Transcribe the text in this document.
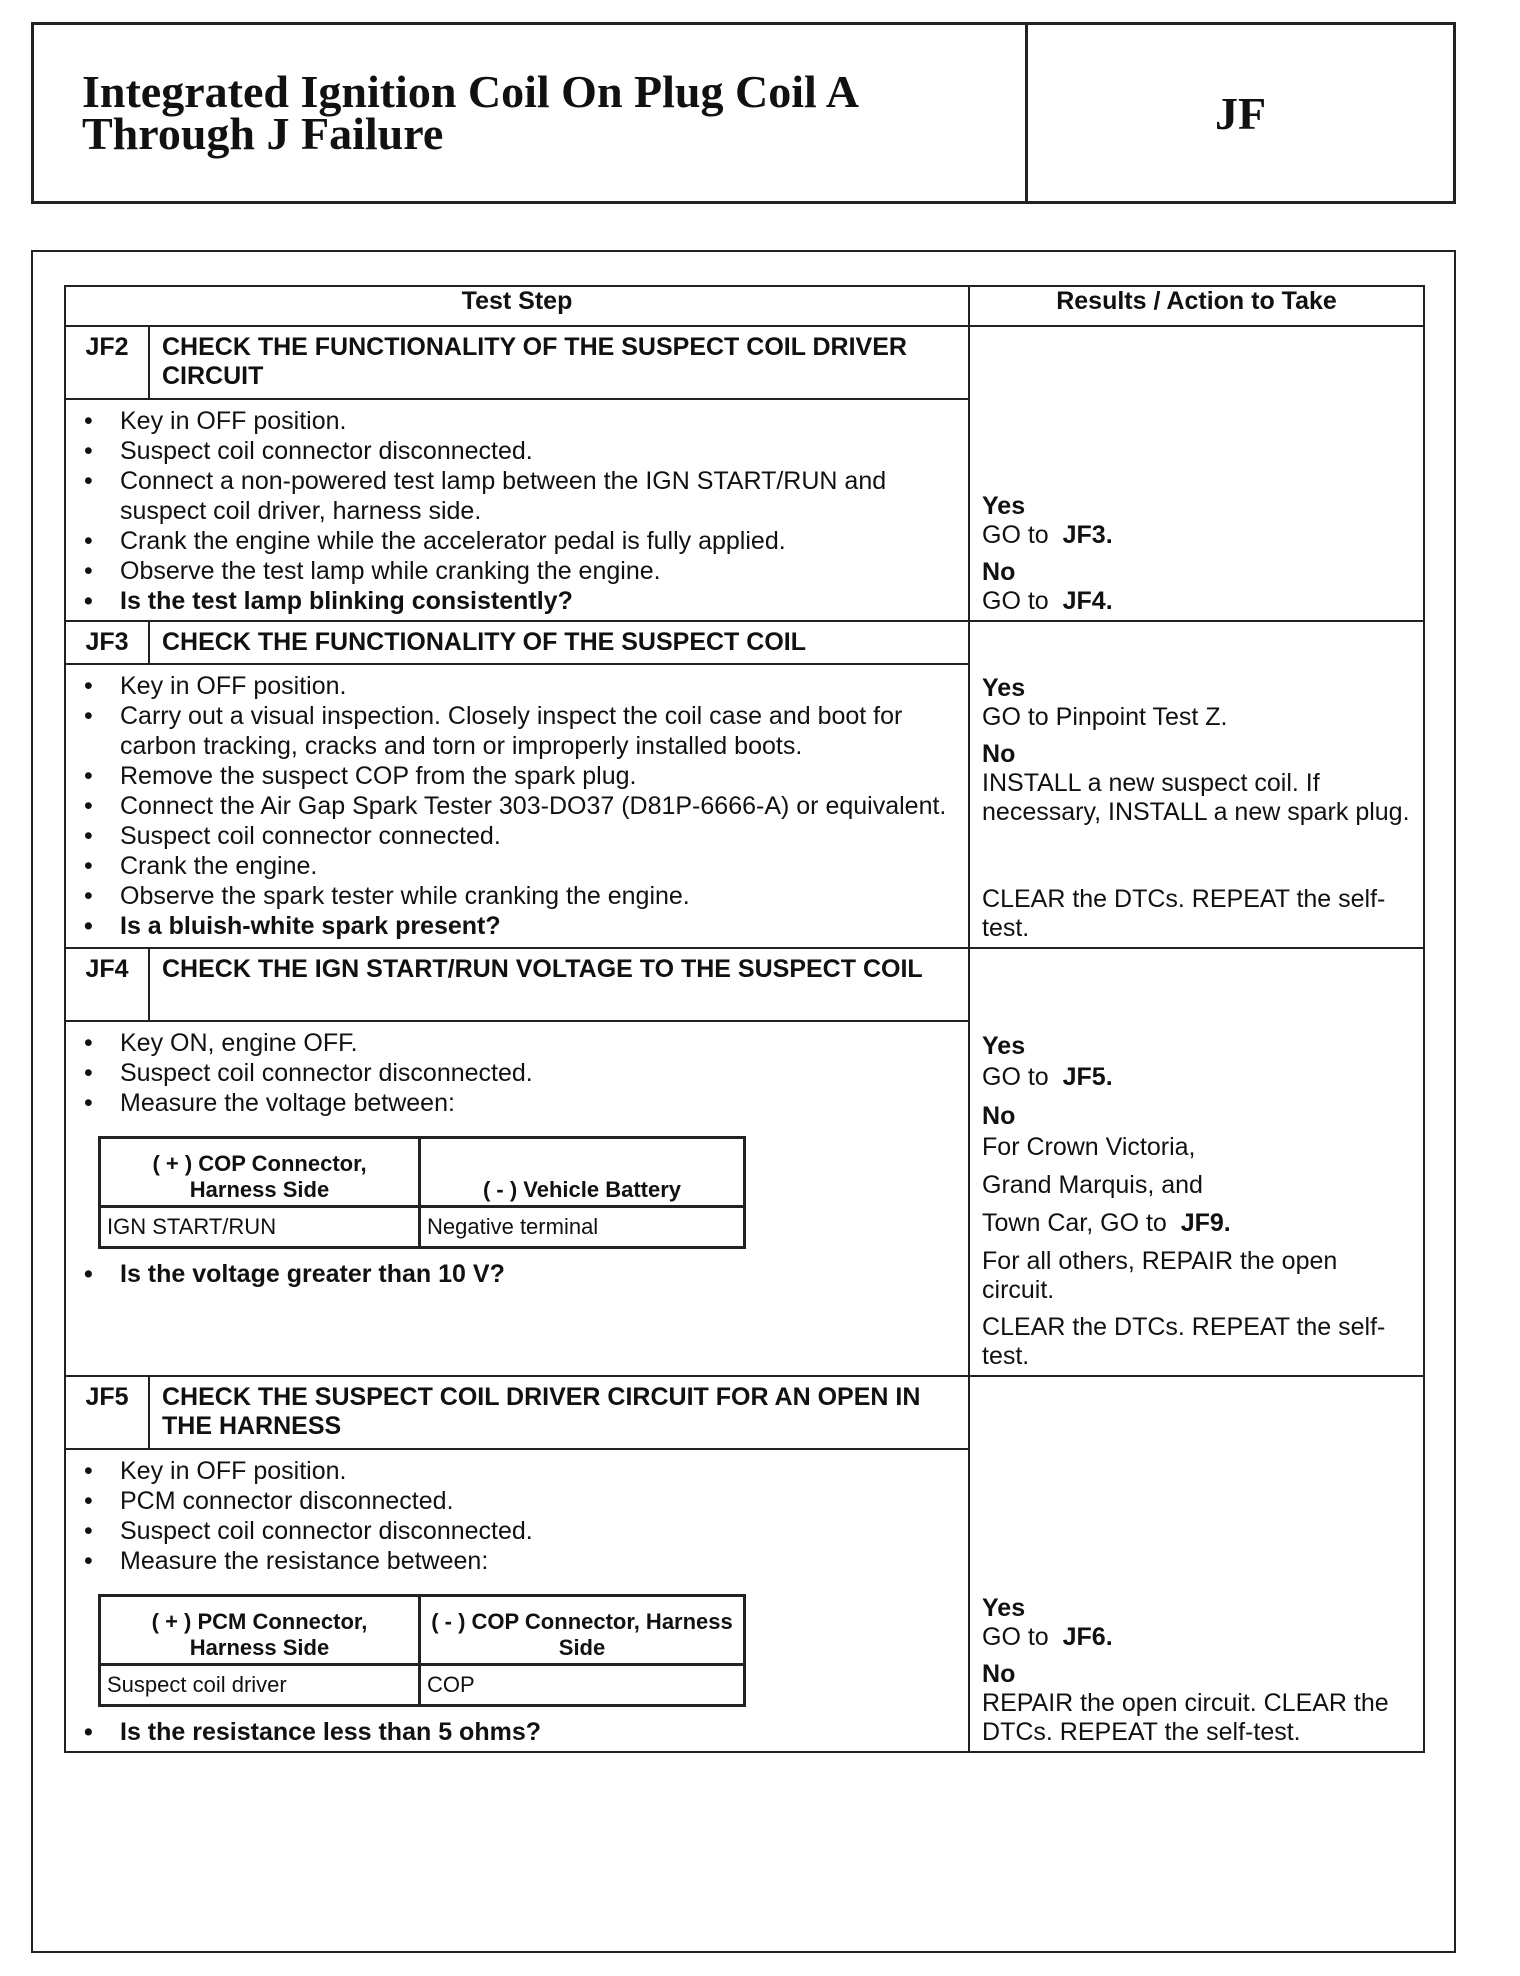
Integrated Ignition Coil On Plug Coil A Through J Failure	JF
Test Step	Results / Action to Take
JF2	CHECK THE FUNCTIONALITY OF THE SUSPECT COIL DRIVER CIRCUIT	
Yes
GO to JF3.
No
GO to JF4.

• Key in OFF position.
• Suspect coil connector disconnected.
• Connect a non-powered test lamp between the IGN START/RUN and suspect coil driver, harness side.
• Crank the engine while the accelerator pedal is fully applied.
• Observe the test lamp while cranking the engine.
• Is the test lamp blinking consistently?

JF3	CHECK THE FUNCTIONALITY OF THE SUSPECT COIL	
Yes
GO to Pinpoint Test Z.
No
INSTALL a new suspect coil. If necessary, INSTALL a new spark plug.
CLEAR the DTCs. REPEAT the self-test.

• Key in OFF position.
• Carry out a visual inspection. Closely inspect the coil case and boot for carbon tracking, cracks and torn or improperly installed boots.
• Remove the suspect COP from the spark plug.
• Connect the Air Gap Spark Tester 303-DO37 (D81P-6666-A) or equivalent.
• Suspect coil connector connected.
• Crank the engine.
• Observe the spark tester while cranking the engine.
• Is a bluish-white spark present?

JF4	CHECK THE IGN START/RUN VOLTAGE TO THE SUSPECT COIL	
Yes
GO to JF5.
No
For Crown Victoria,
Grand Marquis, and
Town Car, GO to JF9.
For all others, REPAIR the open circuit.
CLEAR the DTCs. REPEAT the self-test.

• Key ON, engine OFF.
• Suspect coil connector disconnected.
• Measure the voltage between:
( + ) COP Connector, Harness Side	( - ) Vehicle Battery
IGN START/RUN	Negative terminal
• Is the voltage greater than 10 V?

JF5	CHECK THE SUSPECT COIL DRIVER CIRCUIT FOR AN OPEN IN THE HARNESS	
Yes
GO to JF6.
No
REPAIR the open circuit. CLEAR the DTCs. REPEAT the self-test.

• Key in OFF position.
• PCM connector disconnected.
• Suspect coil connector disconnected.
• Measure the resistance between:
( + ) PCM Connector, Harness Side	( - ) COP Connector, Harness Side
Suspect coil driver	COP
• Is the resistance less than 5 ohms?
